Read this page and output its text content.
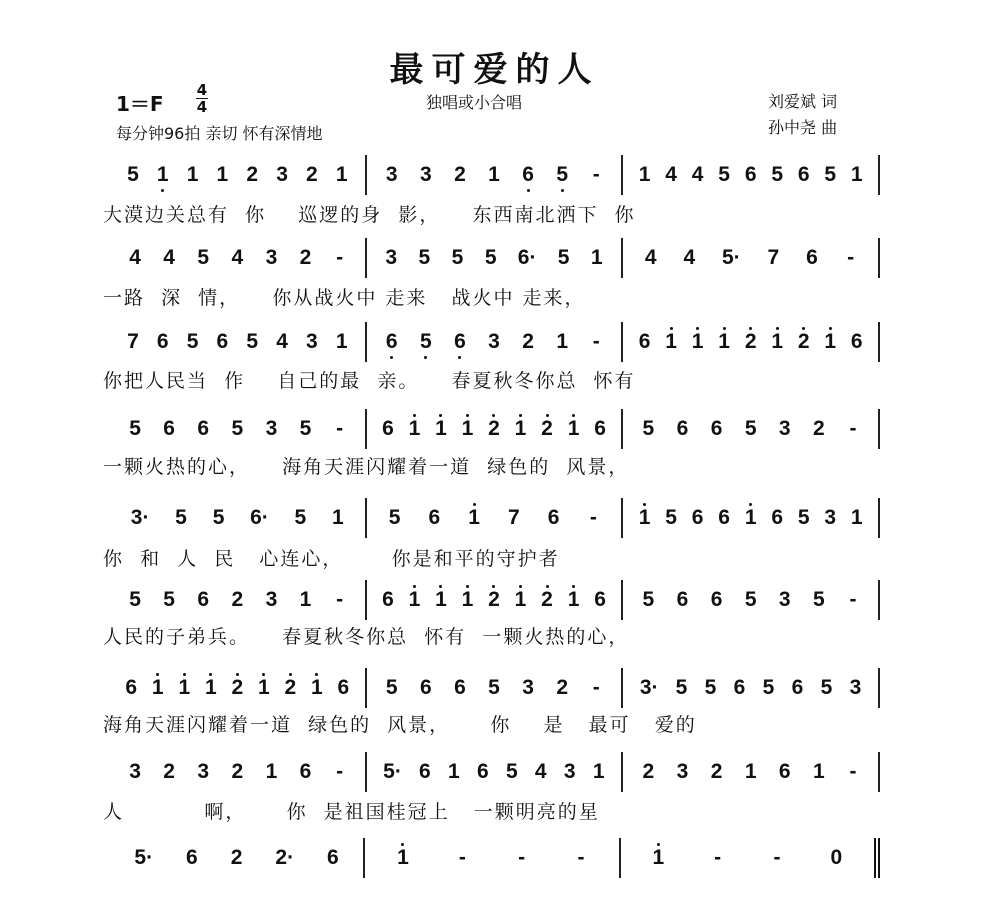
最可爱的人
1＝F
4
4	独唱或小合唱
每分钟96拍 亲切 怀有深情地
刘爱斌 词
孙中尧 曲
5 1 1 1 2 3 2 1 3 3 2 1 6 5 - 1 4 4 5 6 5 6 5 1
大漠边关总有  你    巡逻的身  影，    东西南北洒下  你
4 4 5 4 3 2 - 3 5 5 5 6· 5 1 4 4 5· 7 6 -
一路  深  情，    你从战火中 走来   战火中 走来，
7 6 5 6 5 4 3 1 6 5 6 3 2 1 - 6 1 1 1 2 1 2 1 6
你把人民当  作    自己的最  亲。    春夏秋冬你总  怀有
5 6 6 5 3 5 - 6 1 1 1 2 1 2 1 6 5 6 6 5 3 2 -
一颗火热的心，    海角天涯闪耀着一道  绿色的  风景，
3· 5 5 6· 5 1 5 6 1 7 6 - 1 5 6 6 1 6 5 3 1
你  和  人  民   心连心，      你是和平的守护者
5 5 6 2 3 1 - 6 1 1 1 2 1 2 1 6 5 6 6 5 3 5 -
人民的子弟兵。    春夏秋冬你总  怀有  一颗火热的心，
6 1 1 1 2 1 2 1 6 5 6 6 5 3 2 - 3· 5 5 6 5 6 5 3
海角天涯闪耀着一道  绿色的  风景，     你    是   最可   爱的
3 2 3 2 1 6 - 5· 6 1 6 5 4 3 1 2 3 2 1 6 1 -
人          啊，     你  是祖国桂冠上   一颗明亮的星
5· 6 2 2· 6	1 - - -	1 - - 0
